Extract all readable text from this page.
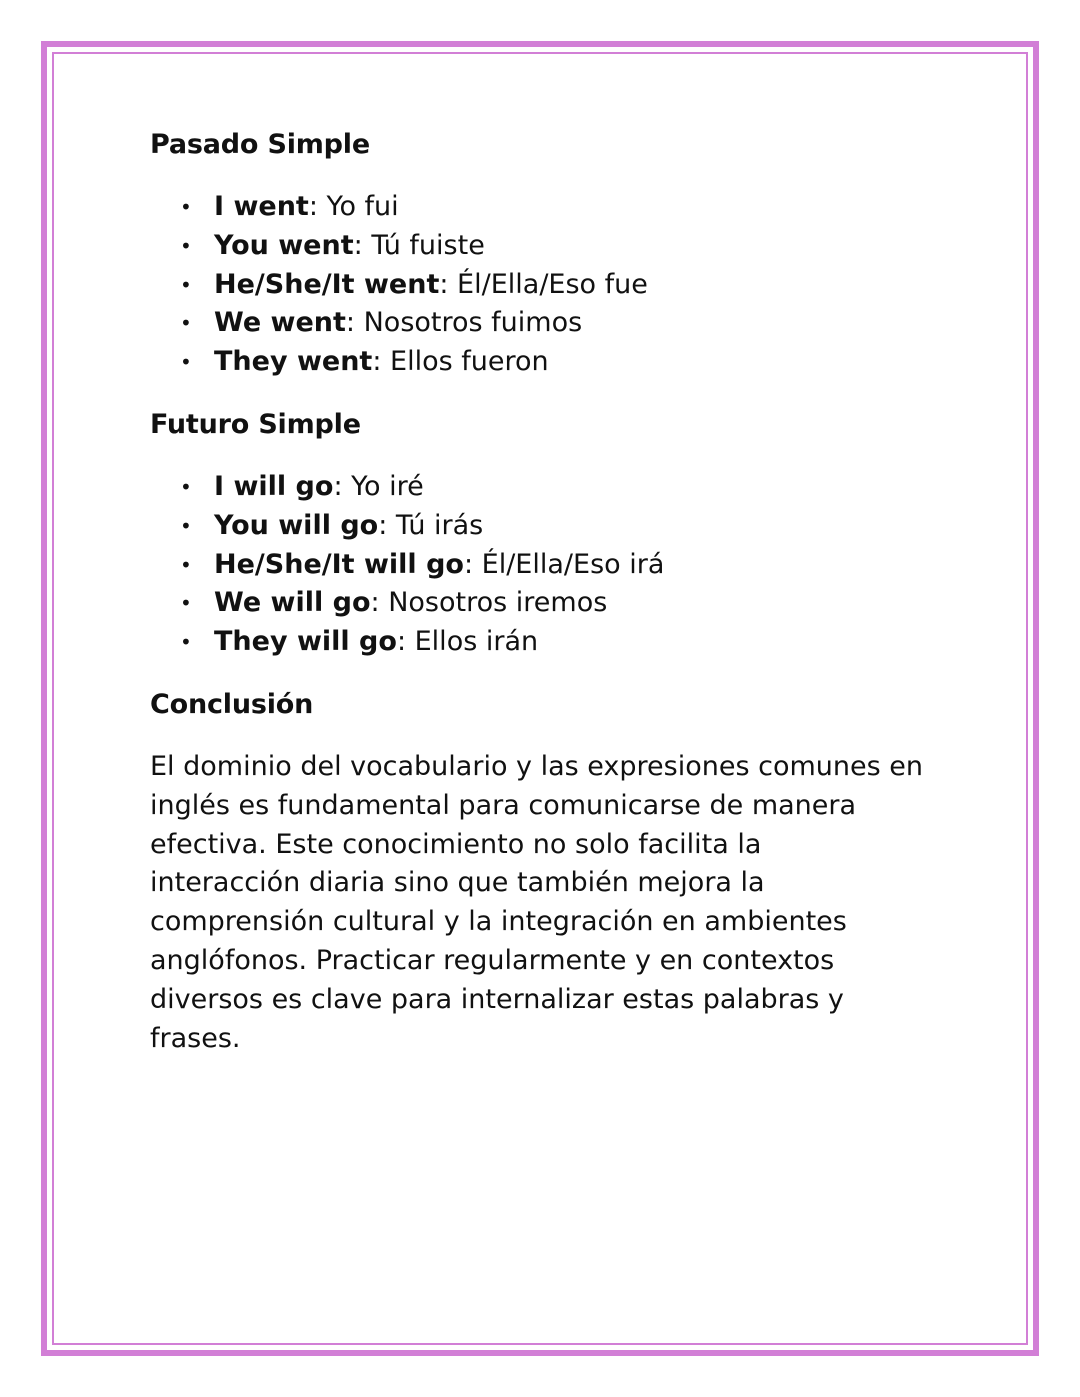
Pasado Simple
• I went: Yo fui
• You went: Tú fuiste
• He/She/It went: Él/Ella/Eso fue
• We went: Nosotros fuimos
• They went: Ellos fueron
Futuro Simple
• I will go: Yo iré
• You will go: Tú irás
• He/She/It will go: Él/Ella/Eso irá
• We will go: Nosotros iremos
• They will go: Ellos irán
Conclusión

El dominio del vocabulario y las expresiones comunes en
inglés es fundamental para comunicarse de manera
efectiva. Este conocimiento no solo facilita la
interacción diaria sino que también mejora la
comprensión cultural y la integración en ambientes
anglófonos. Practicar regularmente y en contextos
diversos es clave para internalizar estas palabras y
frases.
